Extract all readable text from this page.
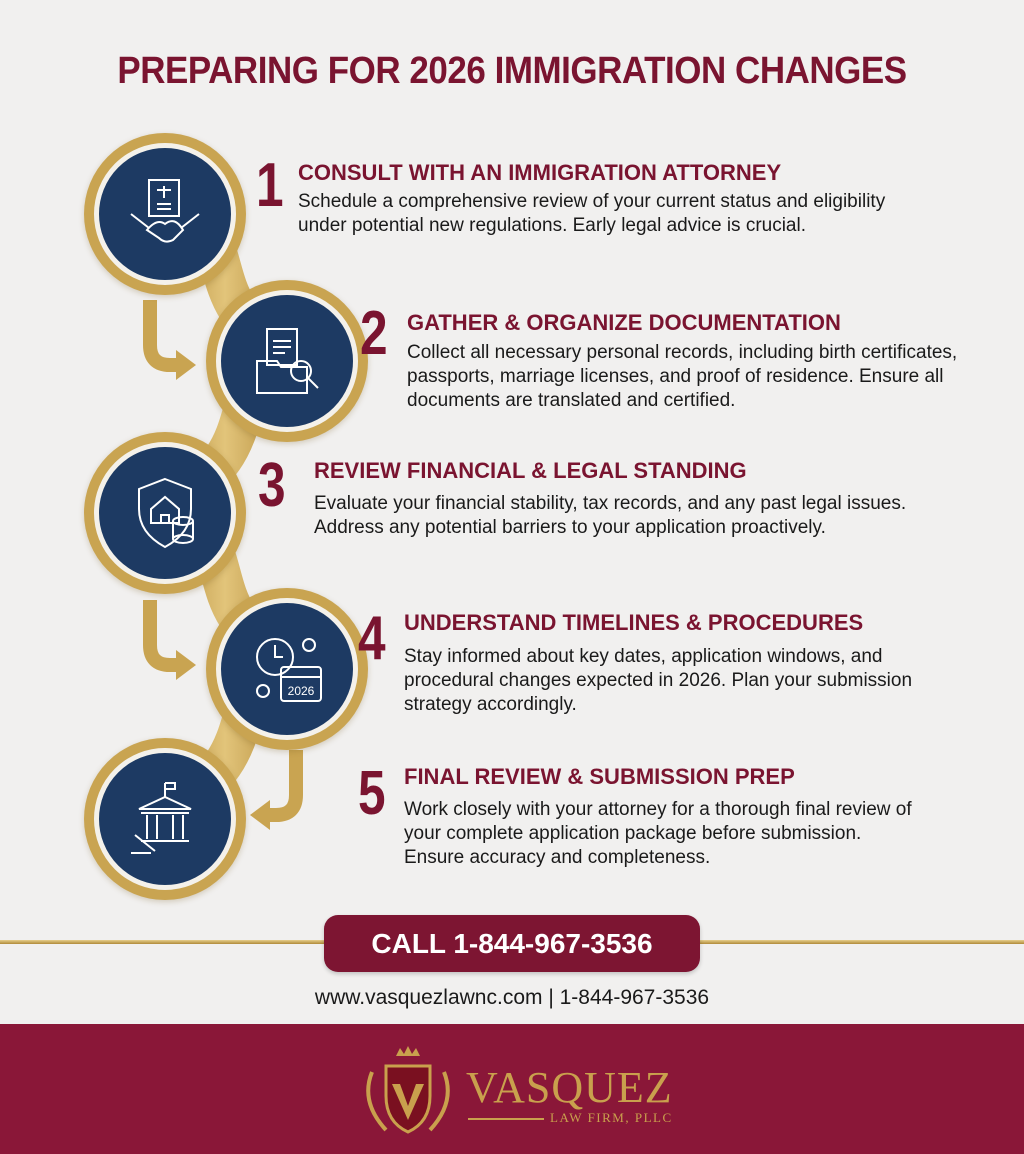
PREPARING FOR 2026 IMMIGRATION CHANGES
2026
1 CONSULT WITH AN IMMIGRATION ATTORNEY
Schedule a comprehensive review of your current status and eligibility under potential new regulations. Early legal advice is crucial.
2 GATHER & ORGANIZE DOCUMENTATION
Collect all necessary personal records, including birth certificates, passports, marriage licenses, and proof of residence. Ensure all documents are translated and certified.
3 REVIEW FINANCIAL & LEGAL STANDING
Evaluate your financial stability, tax records, and any past legal issues. Address any potential barriers to your application proactively.
4 UNDERSTAND TIMELINES & PROCEDURES
Stay informed about key dates, application windows, and procedural changes expected in 2026. Plan your submission strategy accordingly.
5 FINAL REVIEW & SUBMISSION PREP
Work closely with your attorney for a thorough final review of your complete application package before submission. Ensure accuracy and completeness.
CALL 1-844-967-3536
www.vasquezlawnc.com | 1-844-967-3536
VASQUEZ
LAW FIRM, PLLC
